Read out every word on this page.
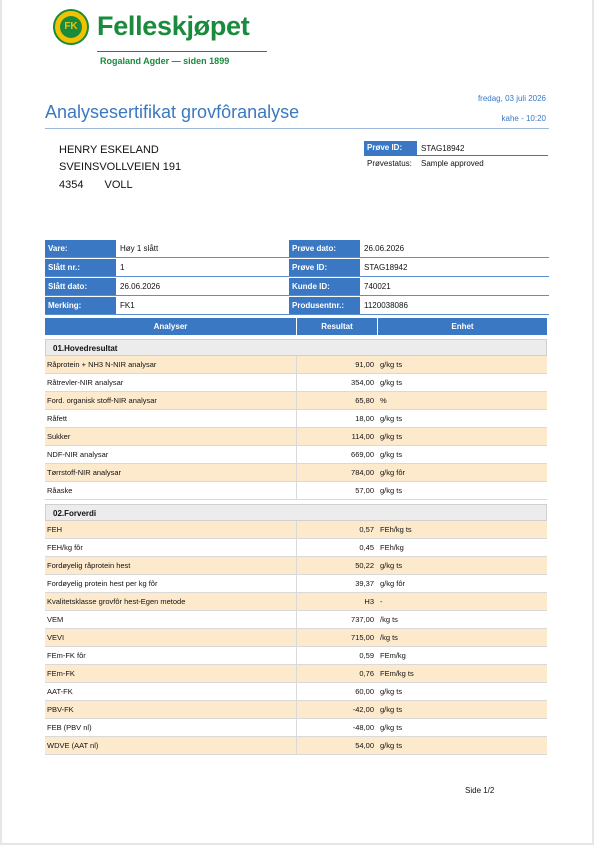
FK Felleskjøpet
Rogaland Agder — siden 1899
fredag, 03 juli 2026
Analysesertifikat grovfôranalyse	kahe - 10:20
HENRY ESKELAND
SVEINSVOLLVEIEN 191
4354 VOLL
Prøve ID:	STAG18942
Prøvestatus:	Sample approved
Vare:	Høy 1 slått	Prøve dato:	26.06.2026
Slått nr.:	1	Prøve ID:	STAG18942
Slått dato:	26.06.2026	Kunde ID:	740021
Merking:	FK1	Produsentnr.:	1120038086
Analyser	Resultat	Enhet
01.Hovedresultat
Råprotein + NH3 N-NIR analysar	91,00 g/kg ts
Råtrevler-NIR analysar	354,00 g/kg ts
Ford. organisk stoff-NIR analysar	65,80 %
Råfett	18,00 g/kg ts
Sukker	114,00 g/kg ts
NDF-NIR analysar	669,00 g/kg ts
Tørrstoff-NIR analysar	784,00 g/kg fôr
Råaske	57,00 g/kg ts
02.Forverdi
FEH	0,57 FEh/kg ts
FEH/kg fôr	0,45 FEh/kg
Fordøyelig råprotein hest	50,22 g/kg ts
Fordøyelig protein hest per kg fôr	39,37 g/kg fôr
Kvalitetsklasse grovfôr hest-Egen metode	H3 -
VEM	737,00 /kg ts
VEVI	715,00 /kg ts
FEm-FK fôr	0,59 FEm/kg
FEm-FK	0,76 FEm/kg ts
AAT-FK	60,00 g/kg ts
PBV-FK	-42,00 g/kg ts
FEB (PBV nl)	-48,00 g/kg ts
WDVE (AAT nl)	54,00 g/kg ts
Side 1/2
